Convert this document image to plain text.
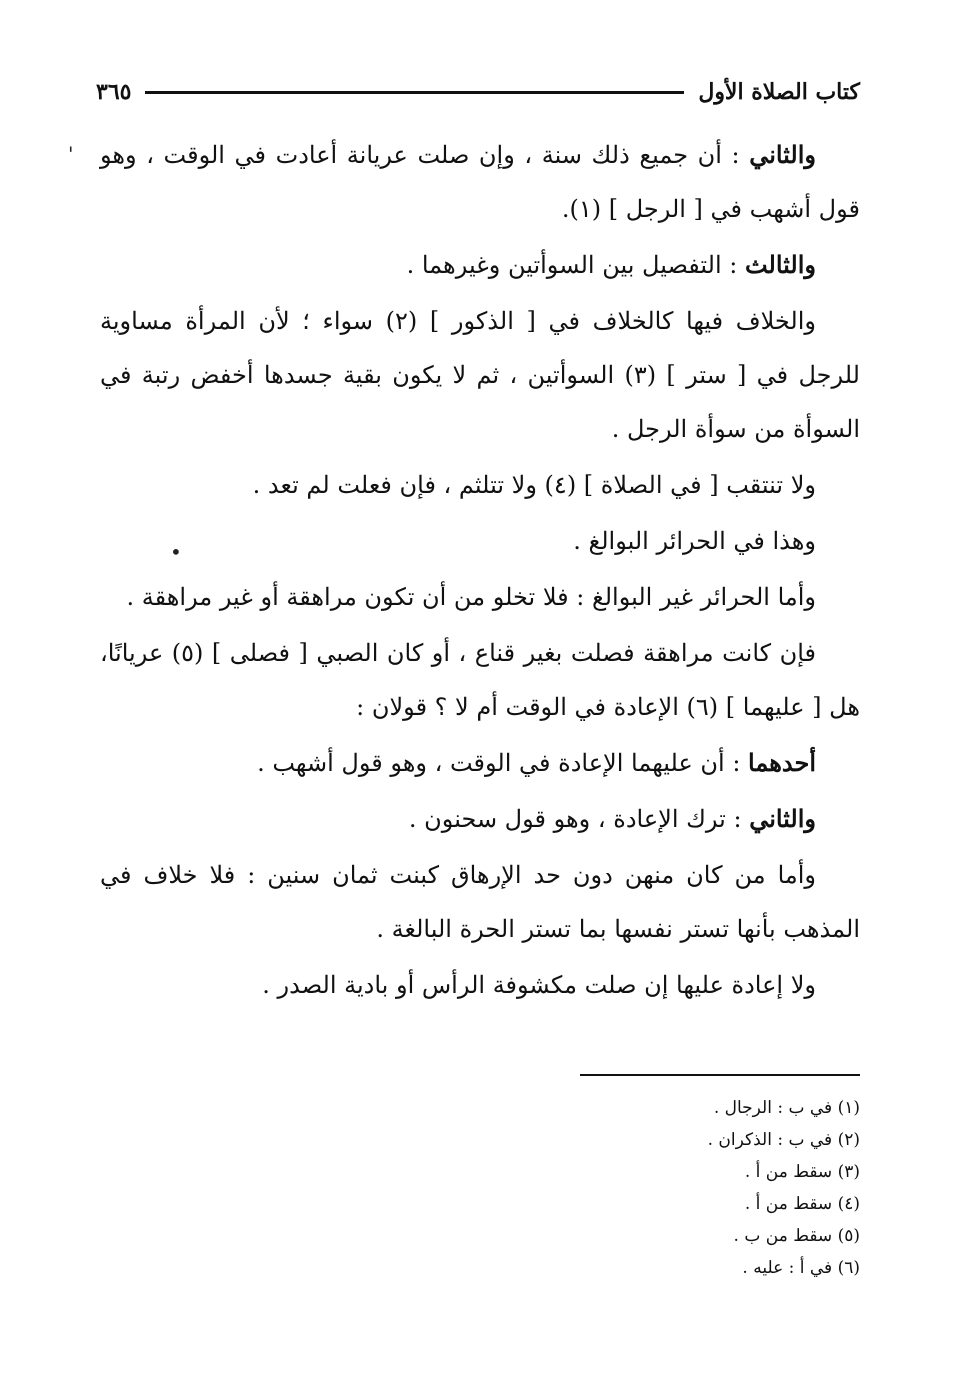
كتاب الصلاة الأول
٣٦٥

والثاني : أن جميع ذلك سنة ، وإن صلت عريانة أعادت في الوقت ، وهو قول أشهب في [ الرجل ] (١).

والثالث : التفصيل بين السوأتين وغيرهما .

والخلاف فيها كالخلاف في [ الذكور ] (٢) سواء ؛ لأن المرأة مساوية للرجل في [ ستر ] (٣) السوأتين ، ثم لا يكون بقية جسدها أخفض رتبة في السوأة من سوأة الرجل .

ولا تنتقب [ في الصلاة ] (٤) ولا تتلثم ، فإن فعلت لم تعد .

وهذا في الحرائر البوالغ .

وأما الحرائر غير البوالغ : فلا تخلو من أن تكون مراهقة أو غير مراهقة .

فإن كانت مراهقة فصلت بغير قناع ، أو كان الصبي [ فصلى ] (٥) عريانًا، هل [ عليهما ] (٦) الإعادة في الوقت أم لا ؟ قولان :

أحدهما : أن عليهما الإعادة في الوقت ، وهو قول أشهب .

والثاني : ترك الإعادة ، وهو قول سحنون .

وأما من كان منهن دون حد الإرهاق كبنت ثمان سنين : فلا خلاف في المذهب بأنها تستر نفسها بما تستر الحرة البالغة .

ولا إعادة عليها إن صلت مكشوفة الرأس أو بادية الصدر .

(١) في ب : الرجال .
(٢) في ب : الذكران .
(٣) سقط من أ .
(٤) سقط من أ .
(٥) سقط من ب .
(٦) في أ : عليه .
'
•
